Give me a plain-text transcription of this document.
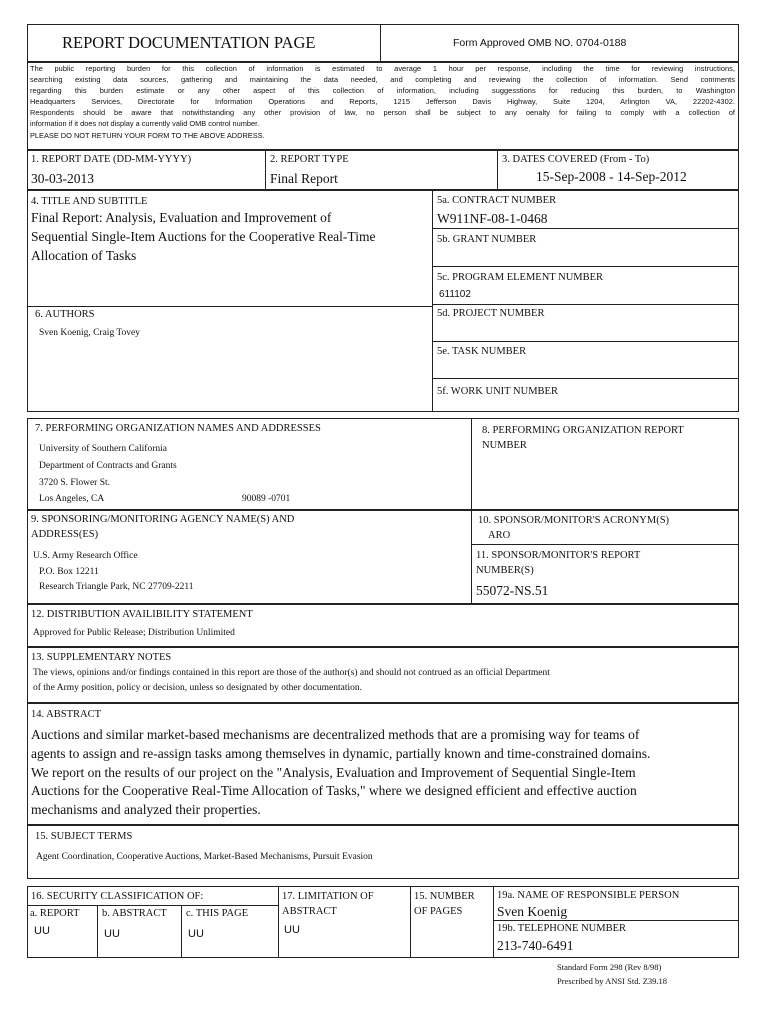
REPORT DOCUMENTATION PAGE	Form Approved OMB NO. 0704-0188
The public reporting burden for this collection of information is estimated to average 1 hour per response, including the time for reviewing instructions,
searching existing data sources, gathering and maintaining the data needed, and completing and reviewing the collection of information. Send comments
regarding this burden estimate or any other aspect of this collection of information, including suggesstions for reducing this burden, to Washington
Headquarters Services, Directorate for Information Operations and Reports, 1215 Jefferson Davis Highway, Suite 1204, Arlington VA, 22202-4302.
Respondents should be aware that notwithstanding any other provision of law, no person shall be subject to any oenalty for failing to comply with a collection of
information if it does not display a currently valid OMB control number.
PLEASE DO NOT RETURN YOUR FORM TO THE ABOVE ADDRESS.
1. REPORT DATE (DD-MM-YYYY)
30-03-2013
2. REPORT TYPE
Final Report
3. DATES COVERED (From - To)
15-Sep-2008 - 14-Sep-2012
4. TITLE AND SUBTITLE
Final Report: Analysis, Evaluation and Improvement of
Sequential Single-Item Auctions for the Cooperative Real-Time
Allocation of Tasks
5a. CONTRACT NUMBER
W911NF-08-1-0468
5b. GRANT NUMBER
5c. PROGRAM ELEMENT NUMBER
611102
5d. PROJECT NUMBER
5e. TASK NUMBER
5f. WORK UNIT NUMBER
6. AUTHORS
Sven Koenig, Craig Tovey
7. PERFORMING ORGANIZATION NAMES AND ADDRESSES
University of Southern California
Department of Contracts and Grants
3720 S. Flower St.
Los Angeles, CA	90089 -0701
8. PERFORMING ORGANIZATION REPORT
NUMBER
9. SPONSORING/MONITORING AGENCY NAME(S) AND
ADDRESS(ES)
U.S. Army Research Office
P.O. Box 12211
Research Triangle Park, NC 27709-2211
10. SPONSOR/MONITOR'S ACRONYM(S)
ARO
11. SPONSOR/MONITOR'S REPORT
NUMBER(S)
55072-NS.51
12. DISTRIBUTION AVAILIBILITY STATEMENT
Approved for Public Release; Distribution Unlimited
13. SUPPLEMENTARY NOTES
The views, opinions and/or findings contained in this report are those of the author(s) and should not contrued as an official Department
of the Army position, policy or decision, unless so designated by other documentation.
14. ABSTRACT
Auctions and similar market-based mechanisms are decentralized methods that are a promising way for teams of
agents to assign and re-assign tasks among themselves in dynamic, partially known and time-constrained domains.
We report on the results of our project on the "Analysis, Evaluation and Improvement of Sequential Single-Item
Auctions for the Cooperative Real-Time Allocation of Tasks," where we designed efficient and effective auction
mechanisms and analyzed their properties.
15. SUBJECT TERMS
Agent Coordination, Cooperative Auctions, Market-Based Mechanisms, Pursuit Evasion
16. SECURITY CLASSIFICATION OF:
a. REPORT b. ABSTRACT c. THIS PAGE
UU	UU	UU
17. LIMITATION OF
ABSTRACT
UU
15. NUMBER
OF PAGES
19a. NAME OF RESPONSIBLE PERSON
Sven Koenig
19b. TELEPHONE NUMBER
213-740-6491
Standard Form 298 (Rev 8/98)
Prescribed by ANSI Std. Z39.18
